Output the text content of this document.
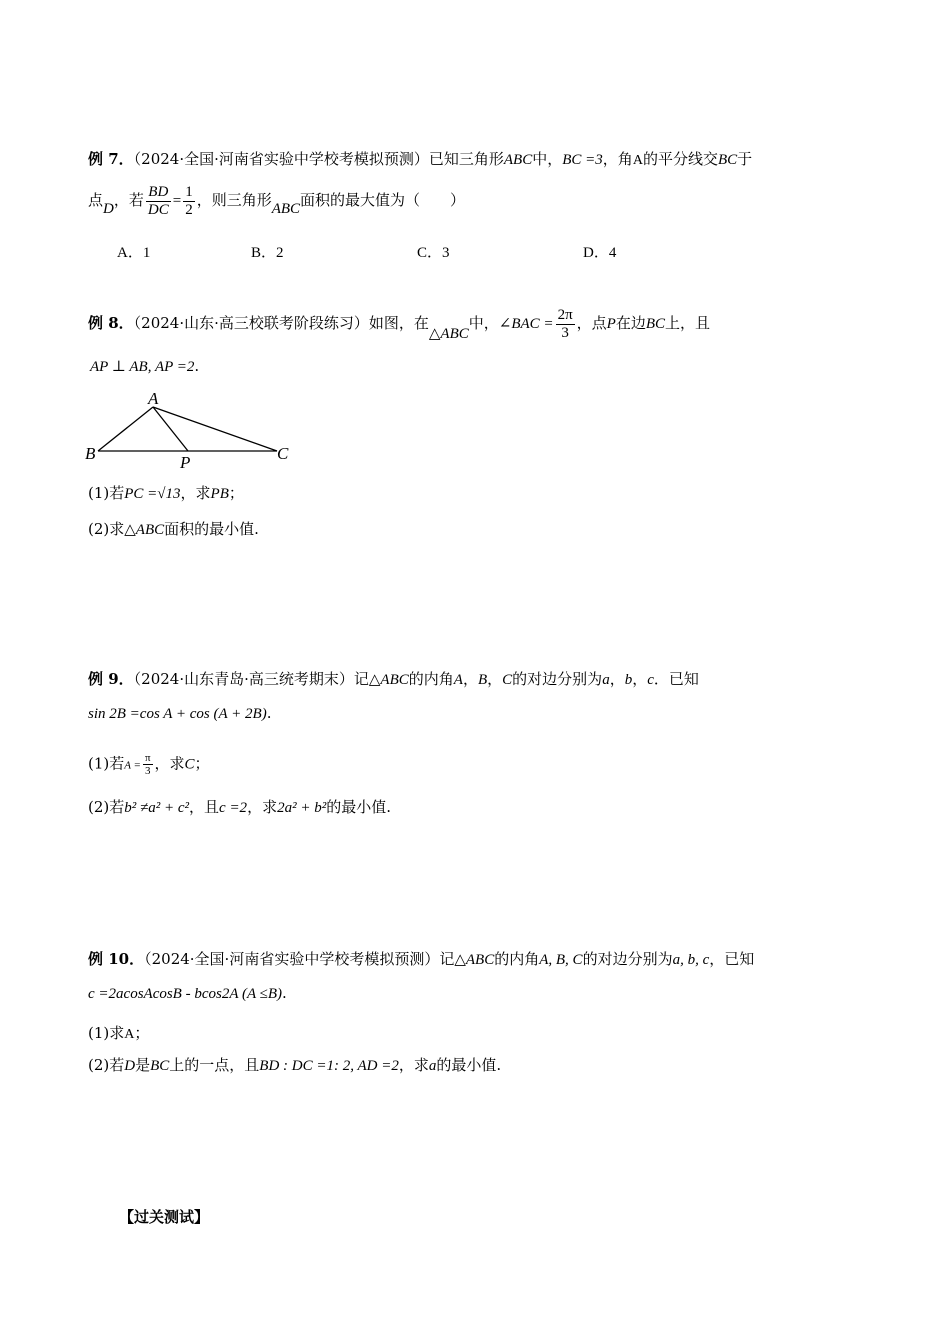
例 7．（2024·全国·河南省实验中学校考模拟预测）已知三角形ABC中，BC =3，角A的平分线交BC于
点D，若 $\frac{BD}{DC} = \frac{1}{2}$ ，则三角形ABC面积的最大值为（　　）
A．1	B．2	C．3	D．4
例 8．（2024·山东·高三校联考阶段练习）如图，在△ABC中，∠BAC = $\frac{2\pi}{3}$ ，点P在边BC上，且
AP ⊥ AB, AP =2.
A
B	C
P
(1)若PC =√13，求PB；
(2)求△ABC面积的最小值.
例 9．（2024·山东青岛·高三统考期末）记△ABC的内角A，B，C的对边分别为a，b，c．已知
sin 2B =cos A + cos (A + 2B).
(1)若$A = \frac{\pi}{3}$ ，求C；
(2)若b² ≠a² + c²，且c =2，求2a² + b²的最小值.
例 10．（2024·全国·河南省实验中学校考模拟预测）记△ABC的内角A, B, C的对边分别为a, b, c，已知
c =2acosAcosB - bcos2A (A ≤B).
(1)求A；
(2)若D是BC上的一点，且BD : DC =1: 2, AD =2，求a的最小值.
【过关测试】
